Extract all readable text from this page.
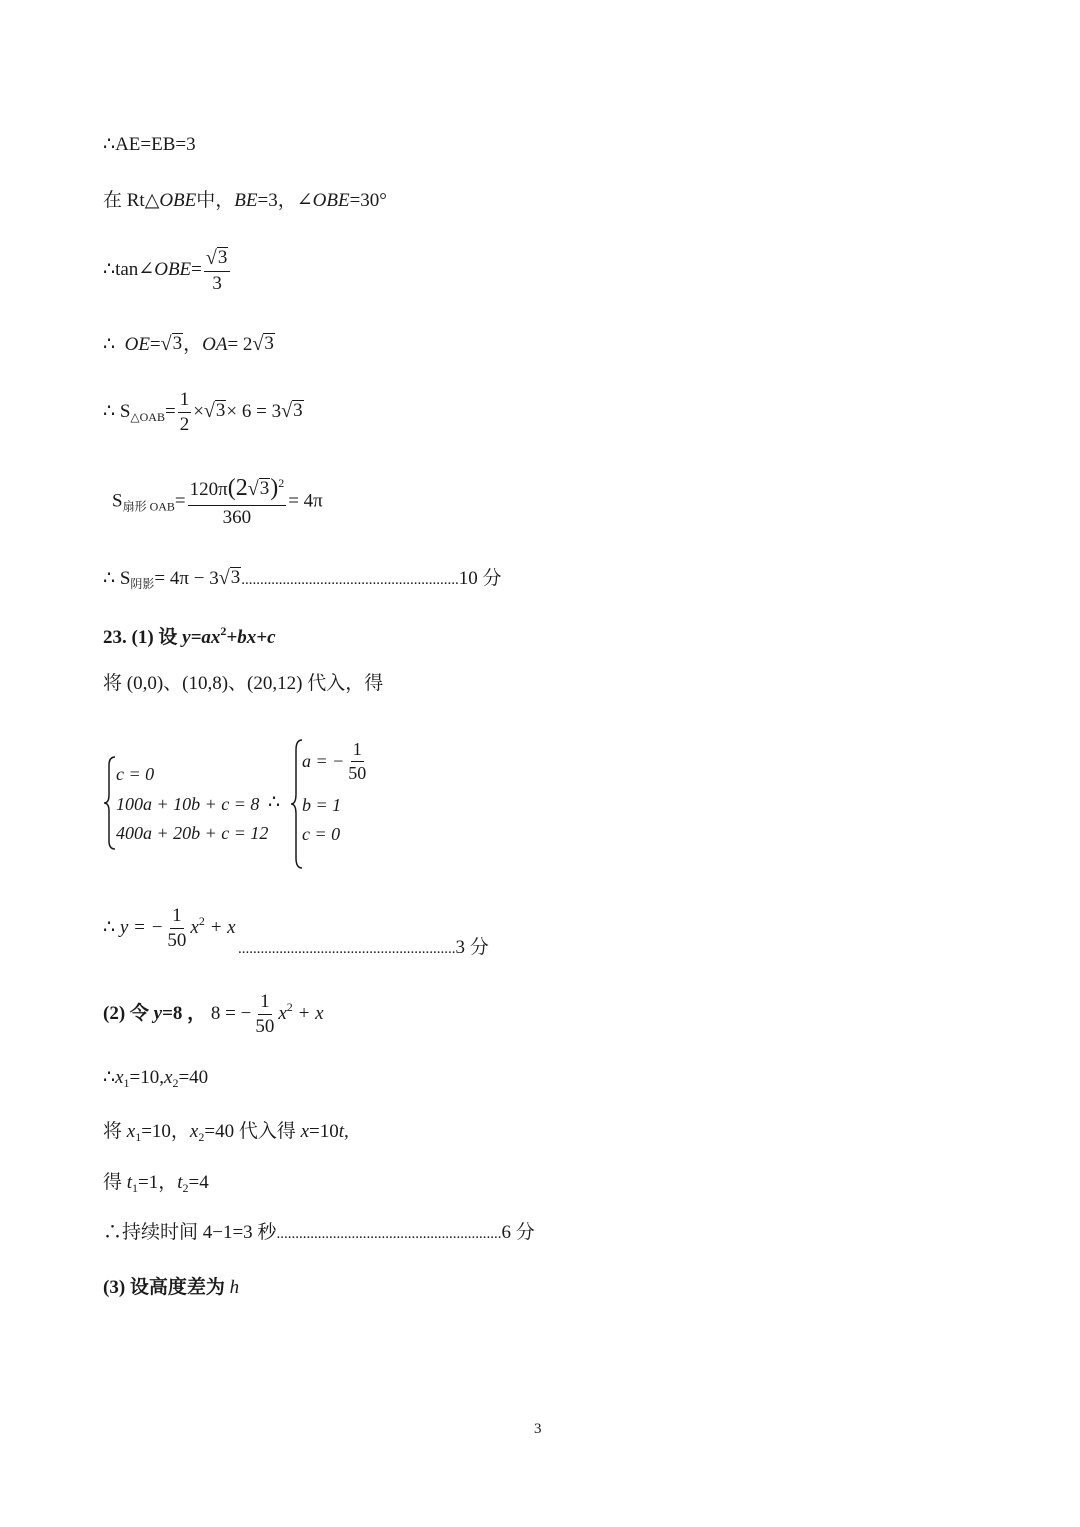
∴AE=EB=3
在 Rt△OBE中，BE=3，∠OBE=30°
∴tan∠OBE= $\frac{√ 3}{3}$
∴ OE= √ 3 ，OA= 2 √ 3
∴ $S_{\triangle OAB}= \frac{1}{2}$ × √ 3 × 6 = 3 √ 3
$S_{扇形 OAB}= \frac{120\pi(2 √ 3 )^2}{360} = 4\pi$
∴ $S_{阴影}= 4\pi - 3$ √ 3 ..........................................................10 分
23. (1) 设 $y=ax^2+bx+c$
将 (0,0)、(10,8)、(20,12) 代入，得
c = 0
100a + 10b + c = 8
400a + 20b + c = 12
∴
a = − $\frac{1}{50}$
b = 1
c = 0
∴ y = − $\frac{1}{50} x^2 + x$
..........................................................3 分
(2) 令 y=8 ， 8 = − $\frac{1}{50} x^2 + x$
$\therefore x_1=10,x_2=40$
将 $x_1=10$，$x_2=40$ 代入得 x=10t,
得 $t_1=1$，$t_2=4$
∴持续时间 4−1=3 秒............................................................6 分
(3) 设高度差为 h
3
